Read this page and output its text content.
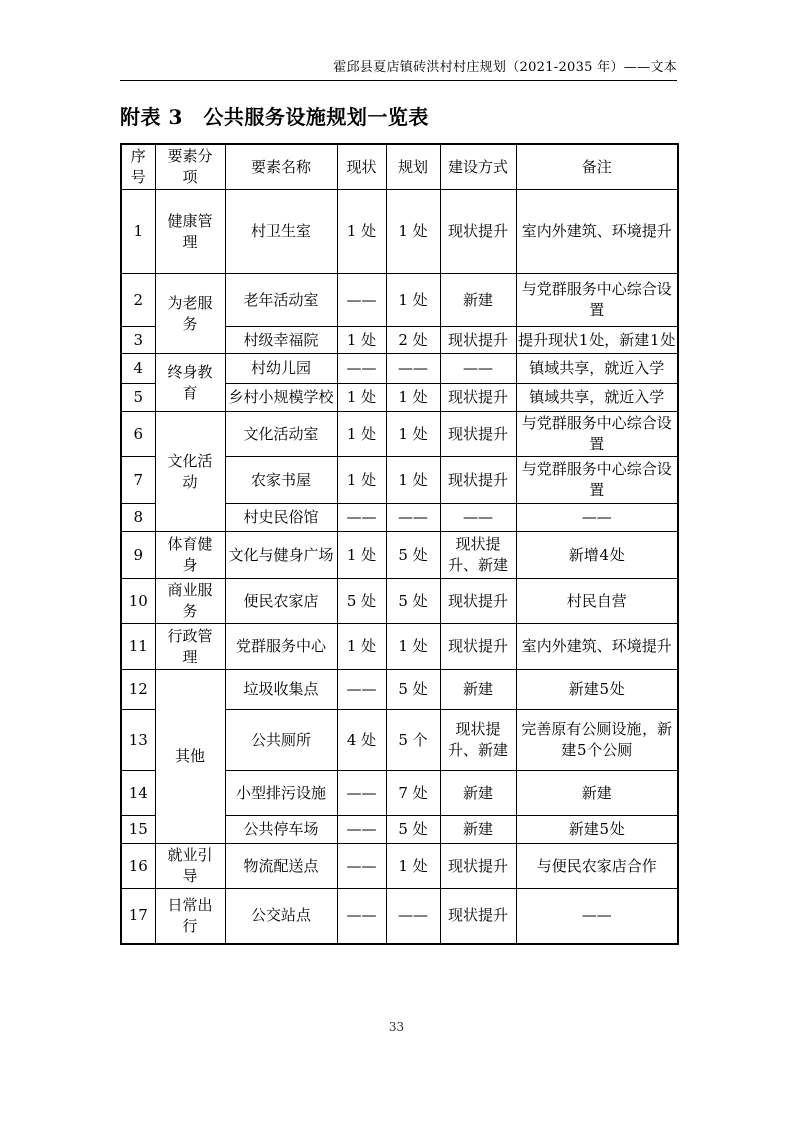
霍邱县夏店镇砖洪村村庄规划（2021-2035 年）——文本
附表 3　公共服务设施规划一览表
序号	要素分项	要素名称	现状	规划	建设方式	备注
1	健康管理	村卫生室	1 处	1 处	现状提升	室内外建筑、环境提升
2	为老服务	老年活动室	——	1 处	新建	与党群服务中心综合设置
3		村级幸福院	1 处	2 处	现状提升	提升现状 1 处，新建 1 处
4	终身教育	村幼儿园	——	——	——	镇域共享，就近入学
5		乡村小规模学校	1 处	1 处	现状提升	镇域共享，就近入学
6	文化活动	文化活动室	1 处	1 处	现状提升	与党群服务中心综合设置
7		农家书屋	1 处	1 处	现状提升	与党群服务中心综合设置
8		村史民俗馆	——	——	——	——
9	体育健身	文化与健身广场	1 处	5 处	现状提升、新建	新增 4 处
10	商业服务	便民农家店	5 处	5 处	现状提升	村民自营
11	行政管理	党群服务中心	1 处	1 处	现状提升	室内外建筑、环境提升
12	其他	垃圾收集点	——	5 处	新建	新建 5 处
13		公共厕所	4 处	5 个	现状提升、新建	完善原有公厕设施 ，新建 5 个公厕
14		小型排污设施	——	7 处	新建	新建
15		公共停车场	——	5 处	新建	新建 5 处
16	就业引导	物流配送点	——	1 处	现状提升	与便民农家店合作
17	日常出行	公交站点	——	——	现状提升	——
33
